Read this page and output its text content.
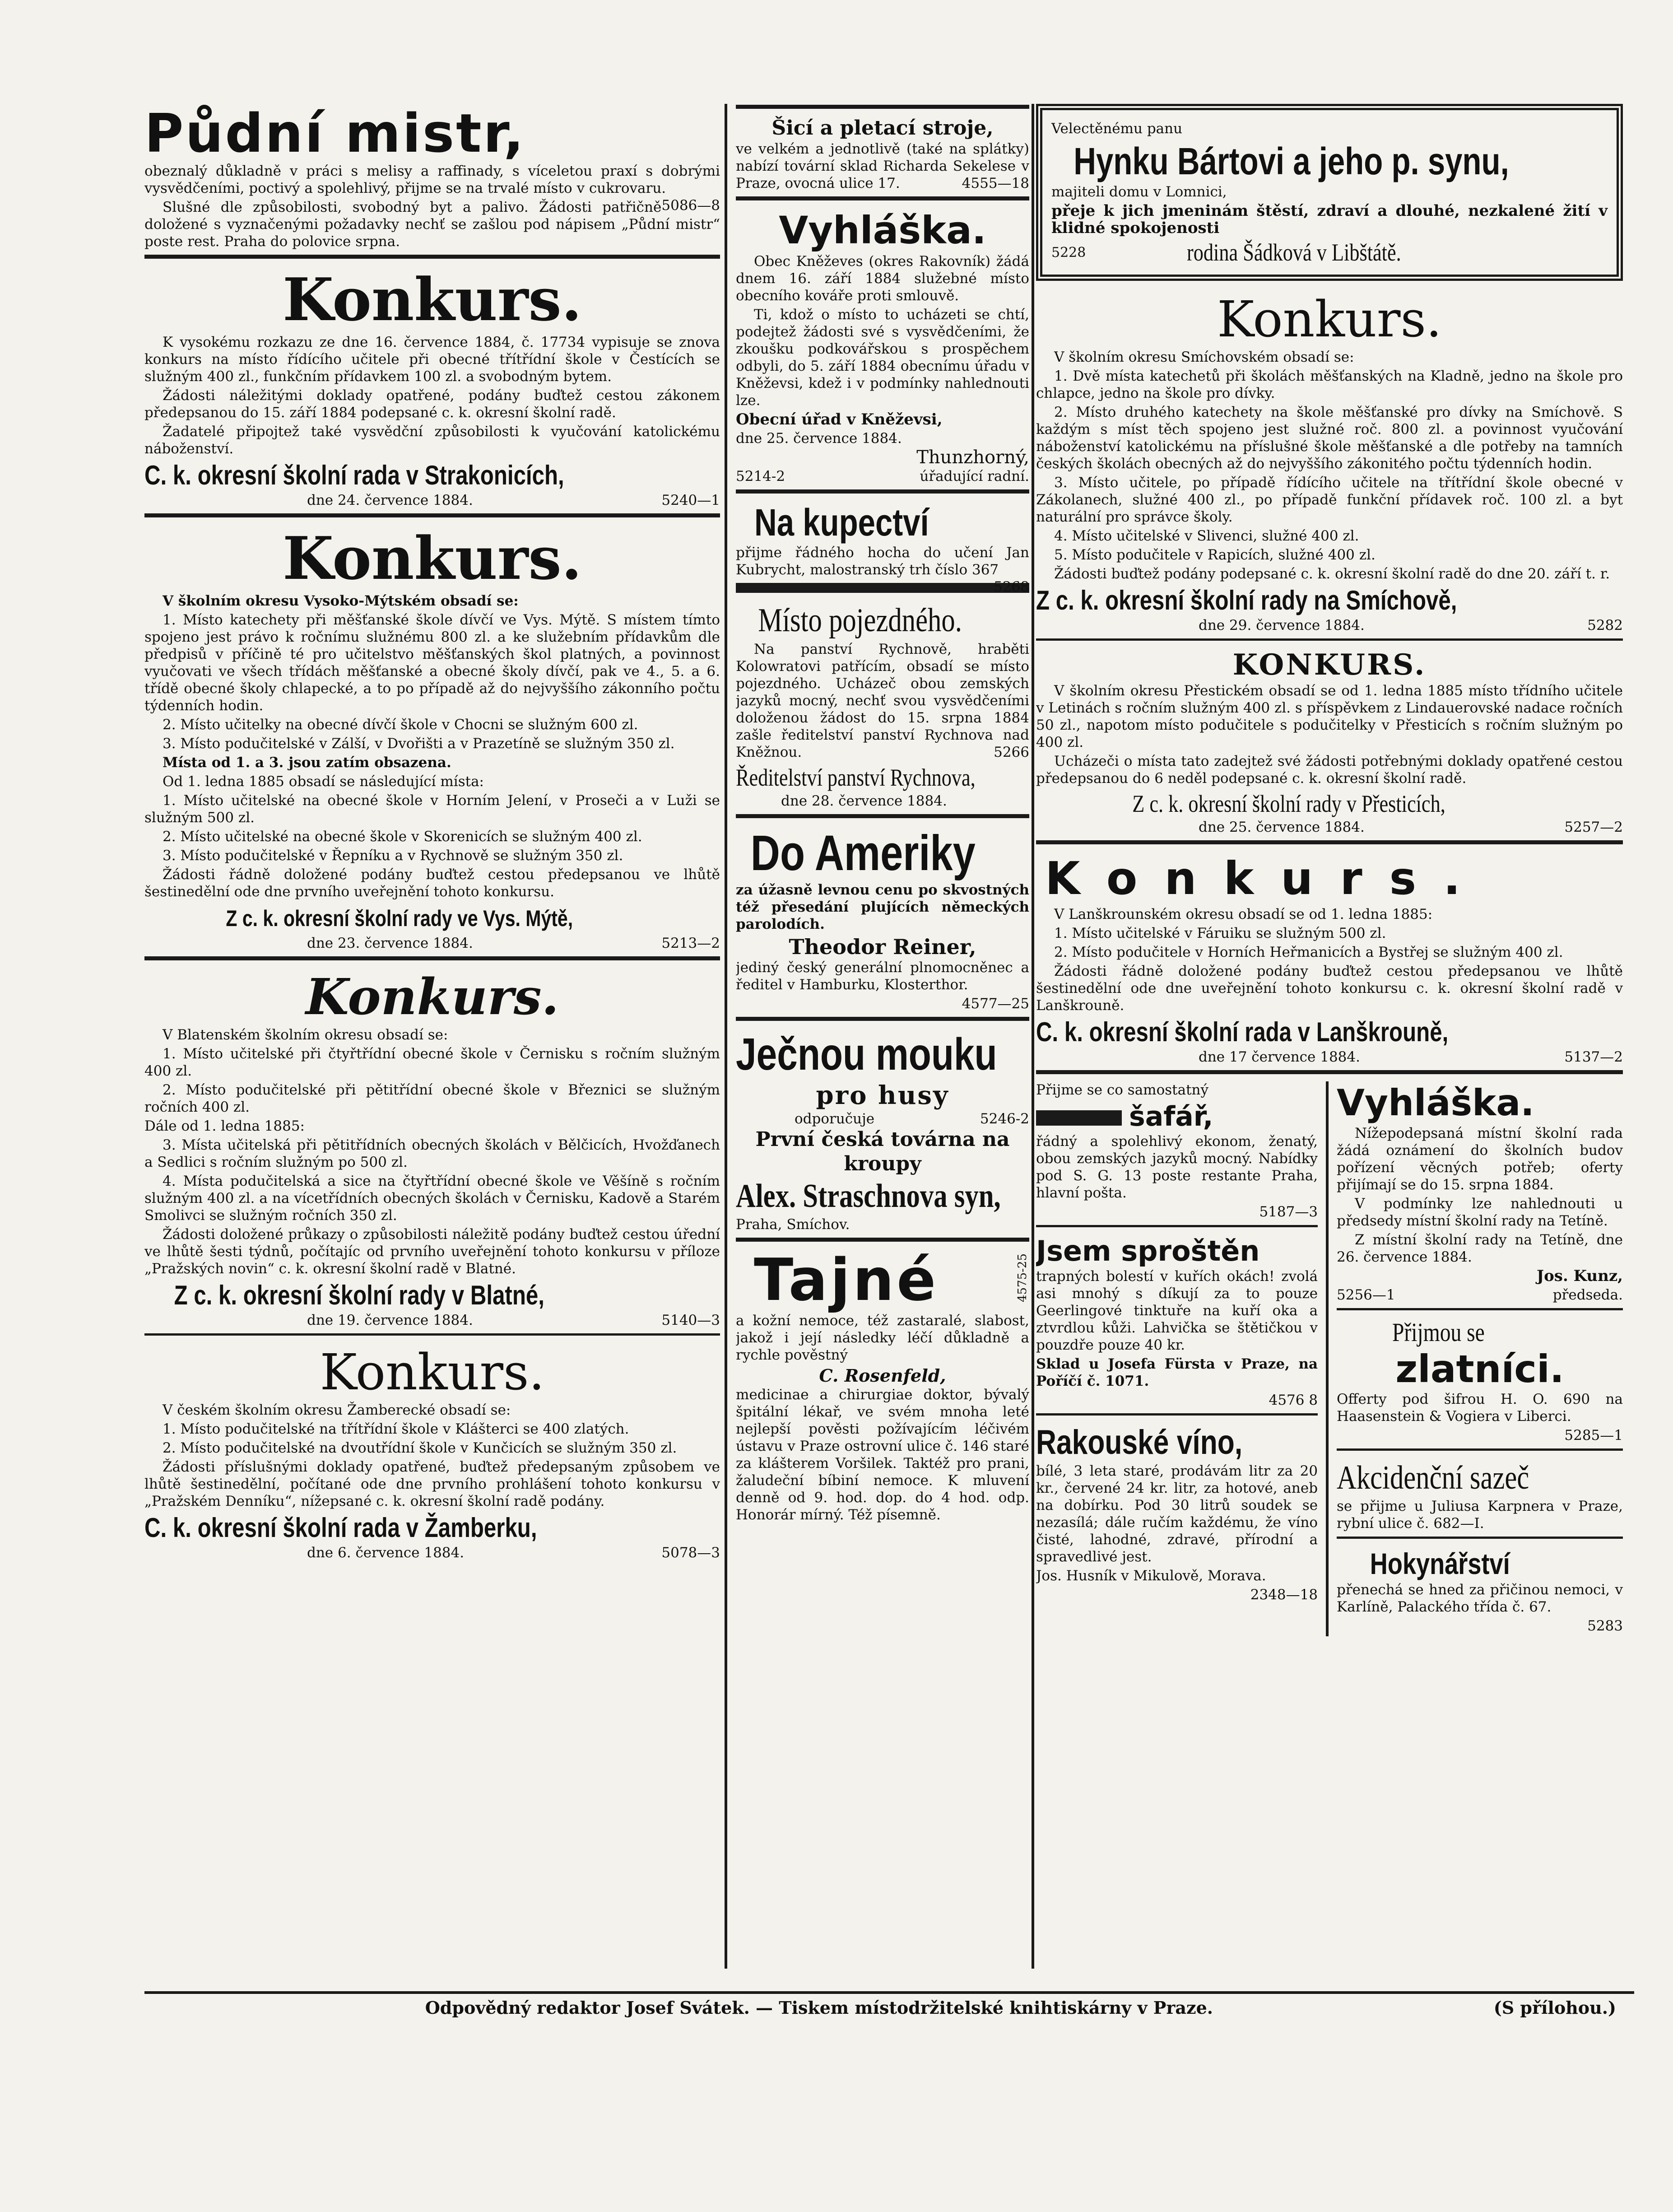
Půdní mistr,

obeznalý důkladně v práci s melisy a raffinady, s víceletou praxí s dobrými vysvědčeními, poctivý a spolehlivý, přijme se na trvalé místo v cukrovaru.
5086—8

Slušné dle způsobilosti, svobodný byt a palivo. Žádosti patřičně doložené s vyznačenými požadavky nechť se zašlou pod nápisem „Půdní mistr“ poste rest. Praha do polovice srpna.

Konkurs.

K vysokému rozkazu ze dne 16. července 1884, č. 17734 vypisuje se znova konkurs na místo řídícího učitele při obecné třítřídní škole v Čestících se služným 400 zl., funkčním přídavkem 100 zl. a svobodným bytem.

Žádosti náležitými doklady opatřené, podány buďtež cestou zákonem předepsanou do 15. září 1884 podepsané c. k. okresní školní radě.

Žadatelé připojtež také vysvědční způsobilosti k vyučování katolickému náboženství.

C. k. okresní školní rada v Strakonicích,
dne 24. července 1884.	5240—1
Konkurs.

V školním okresu Vysoko-Mýtském obsadí se:

1. Místo katechety při měšťanské škole dívčí ve Vys. Mýtě. S místem tímto spojeno jest právo k ročnímu služnému 800 zl. a ke služebním přídavkům dle předpisů v příčině té pro učitelstvo měšťanských škol platných, a povinnost vyučovati ve všech třídách měšťanské a obecné školy dívčí, pak ve 4., 5. a 6. třídě obecné školy chlapecké, a to po případě až do nejvyššího zákonního počtu týdenních hodin.

2. Místo učitelky na obecné dívčí škole v Chocni se služným 600 zl.

3. Místo podučitelské v Zálší, v Dvořišti a v Prazetíně se služným 350 zl.

Místa od 1. a 3. jsou zatím obsazena.

Od 1. ledna 1885 obsadí se následující místa:

1. Místo učitelské na obecné škole v Horním Jelení, v Proseči a v Luži se služným 500 zl.

2. Místo učitelské na obecné škole v Skorenicích se služným 400 zl.

3. Místo podučitelské v Řepníku a v Rychnově se služným 350 zl.

Žádosti řádně doložené podány buďtež cestou předepsanou ve lhůtě šestinedělní ode dne prvního uveřejnění tohoto konkursu.

Z c. k. okresní školní rady ve Vys. Mýtě,
dne 23. července 1884.	5213—2
Konkurs.

V Blatenském školním okresu obsadí se:

1. Místo učitelské při čtyřtřídní obecné škole v Černisku s ročním služným 400 zl.

2. Místo podučitelské při pětitřídní obecné škole v Březnici se služným ročních 400 zl.

Dále od 1. ledna 1885:

3. Místa učitelská při pětitřídních obecných školách v Bělčicích, Hvožďanech a Sedlici s ročním služným po 500 zl.

4. Místa podučitelská a sice na čtyřtřídní obecné škole ve Věšíně s ročním služným 400 zl. a na vícetřídních obecných školách v Černisku, Kadově a Starém Smolivci se služným ročních 350 zl.

Žádosti doložené průkazy o způsobilosti náležitě podány buďtež cestou úřední ve lhůtě šesti týdnů, počítajíc od prvního uveřejnění tohoto konkursu v příloze „Pražských novin“ c. k. okresní školní radě v Blatné.

Z c. k. okresní školní rady v Blatné,
dne 19. července 1884.	5140—3
Konkurs.

V českém školním okresu Žamberecké obsadí se:

1. Místo podučitelské na třítřídní škole v Klášterci se 400 zlatých.

2. Místo podučitelské na dvoutřídní škole v Kunčicích se služným 350 zl.

Žádosti příslušnými doklady opatřené, buďtež předepsaným způsobem ve lhůtě šestinedělní, počítané ode dne prvního prohlášení tohoto konkursu v „Pražském Denníku“, nížepsané c. k. okresní školní radě podány.

C. k. okresní školní rada v Žamberku,
dne 6. července 1884.	5078—3
Šicí a pletací stroje,

ve velkém a jednotlivě (také na splátky) nabízí tovární sklad Richarda Sekelese v Praze, ovocná ulice 17.	4555—18

Vyhláška.

Obec Kněževes (okres Rakovník) žádá dnem 16. září 1884 služebné místo obecního kováře proti smlouvě.

Ti, kdož o místo to ucházeti se chtí, podejtež žádosti své s vysvědčeními, že zkoušku podkovářskou s prospěchem odbyli, do 5. září 1884 obecnímu úřadu v Kněževsi, kdež i v podmínky nahlednouti lze.

Obecní úřad v Kněževsi,

dne 25. července 1884.

Thunzhorný,

5214-2	úřadující radní.
Na kupectví

přijme řádného hocha do učení Jan Kubrycht, malostranský trh číslo 367
5268

Místo pojezdného.

Na panství Rychnově, hraběti Kolowratovi patřícím, obsadí se místo pojezdného. Ucházeč obou zemských jazyků mocný, nechť svou vysvědčeními doloženou žádost do 15. srpna 1884 zašle ředitelství panství Rychnova nad Kněžnou.	5266

Ředitelství panství Rychnova,

dne 28. července 1884.

Do Ameriky

za úžasně levnou cenu po skvostných též přesedání plujících německých parolodích.

Theodor Reiner,

jediný český generální plnomocněnec a ředitel v Hamburku, Klosterthor.

4577—25

Ječnou mouku
pro husy
odporučuje	5246-2
První česká továrna na kroupy
Alex. Straschnova syn,

Praha, Smíchov.

Tajné	4575-25

a kožní nemoce, též zastaralé, slabost, jakož i její následky léčí důkladně a rychle pověstný

C. Rosenfeld,

medicinae a chirurgiae doktor, bývalý špitální lékař, ve svém mnoha leté nejlepší pověsti požívajícím léčivém ústavu v Praze ostrovní ulice č. 146 staré za klášterem Voršilek. Taktéž pro prani, žaludeční bíbiní nemoce. K mluvení denně od 9. hod. dop. do 4 hod. odp. Honorár mírný. Též písemně.

Velectěnému panu

Hynku Bártovi a jeho p. synu,

majiteli domu v Lomnici,

přeje k jich jmeninám štěstí, zdraví a dlouhé, nezkalené žití v klidné spokojenosti

5228	rodina Šádková v Libštátě.
Konkurs.

V školním okresu Smíchovském obsadí se:

1. Dvě místa katechetů při školách měšťanských na Kladně, jedno na škole pro chlapce, jedno na škole pro dívky.

2. Místo druhého katechety na škole měšťanské pro dívky na Smíchově. S každým s míst těch spojeno jest služné roč. 800 zl. a povinnost vyučování náboženství katolickému na příslušné škole měšťanské a dle potřeby na tamních českých školách obecných až do nejvyššího zákonitého počtu týdenních hodin.

3. Místo učitele, po případě řídícího učitele na třítřídní škole obecné v Zákolanech, služné 400 zl., po případě funkční přídavek roč. 100 zl. a byt naturální pro správce školy.

4. Místo učitelské v Slivenci, služné 400 zl.

5. Místo podučitele v Rapicích, služné 400 zl.

Žádosti buďtež podány podepsané c. k. okresní školní radě do dne 20. září t. r.

Z c. k. okresní školní rady na Smíchově,
dne 29. července 1884.	5282
KONKURS.

V školním okresu Přestickém obsadí se od 1. ledna 1885 místo třídního učitele v Letinách s ročním služným 400 zl. s příspěvkem z Lindauerovské nadace ročních 50 zl., napotom místo podučitele s podučitelky v Přesticích s ročním služným po 400 zl.

Ucházeči o místa tato zadejtež své žádosti potřebnými doklady opatřené cestou předepsanou do 6 neděl podepsané c. k. okresní školní radě.

Z c. k. okresní školní rady v Přesticích,
dne 25. července 1884.	5257—2
Konkurs.

V Lanškrounském okresu obsadí se od 1. ledna 1885:

1. Místo učitelské v Fáruiku se služným 500 zl.

2. Místo podučitele v Horních Heřmanicích a Bystřej se služným 400 zl.

Žádosti řádně doložené podány buďtež cestou předepsanou ve lhůtě šestinedělní ode dne uveřejnění tohoto konkursu c. k. okresní školní radě v Lanškrouně.

C. k. okresní školní rada v Lanškrouně,
dne 17 července 1884.	5137—2

Přijme se co samostatný

šafář,

řádný a spolehlivý ekonom, ženatý, obou zemských jazyků mocný. Nabídky pod S. G. 13 poste restante Praha, hlavní pošta.

5187—3

Jsem sproštěn

trapných bolestí v kuřích okách! zvolá asi mnohý s díkují za to pouze Geerlingové tinktuře na kuří oka a ztvrdlou kůži. Lahvička se štětičkou v pouzdře pouze 40 kr.

Sklad u Josefa Fürsta v Praze, na Poříčí č. 1071.

4576 8

Rakouské víno,

bílé, 3 leta staré, prodávám litr za 20 kr., červené 24 kr. litr, za hotové, aneb na dobírku. Pod 30 litrů soudek se nezasílá; dále ručím každému, že víno čisté, lahodné, zdravé, přírodní a spravedlivé jest.

Jos. Husník v Mikulově, Morava.

2348—18

Vyhláška.

Nížepodepsaná místní školní rada žádá oznámení do školních budov pořízení věcných potřeb; oferty přijímají se do 15. srpna 1884.

V podmínky lze nahlednouti u předsedy místní školní rady na Tetíně.

Z místní školní rady na Tetíně, dne 26. července 1884.

Jos. Kunz,

5256—1	předseda.
Přijmou se
zlatníci.

Offerty pod šifrou H. O. 690 na Haasenstein & Vogiera v Liberci.

5285—1

Akcidenční sazeč

se přijme u Juliusa Karpnera v Praze, rybní ulice č. 682—I.

Hokynářství

přenechá se hned za přičinou nemoci, v Karlíně, Palackého třída č. 67.

5283

Odpovědný redaktor Josef Svátek. — Tiskem místodržitelské knihtiskárny v Praze.	(S přílohou.)
